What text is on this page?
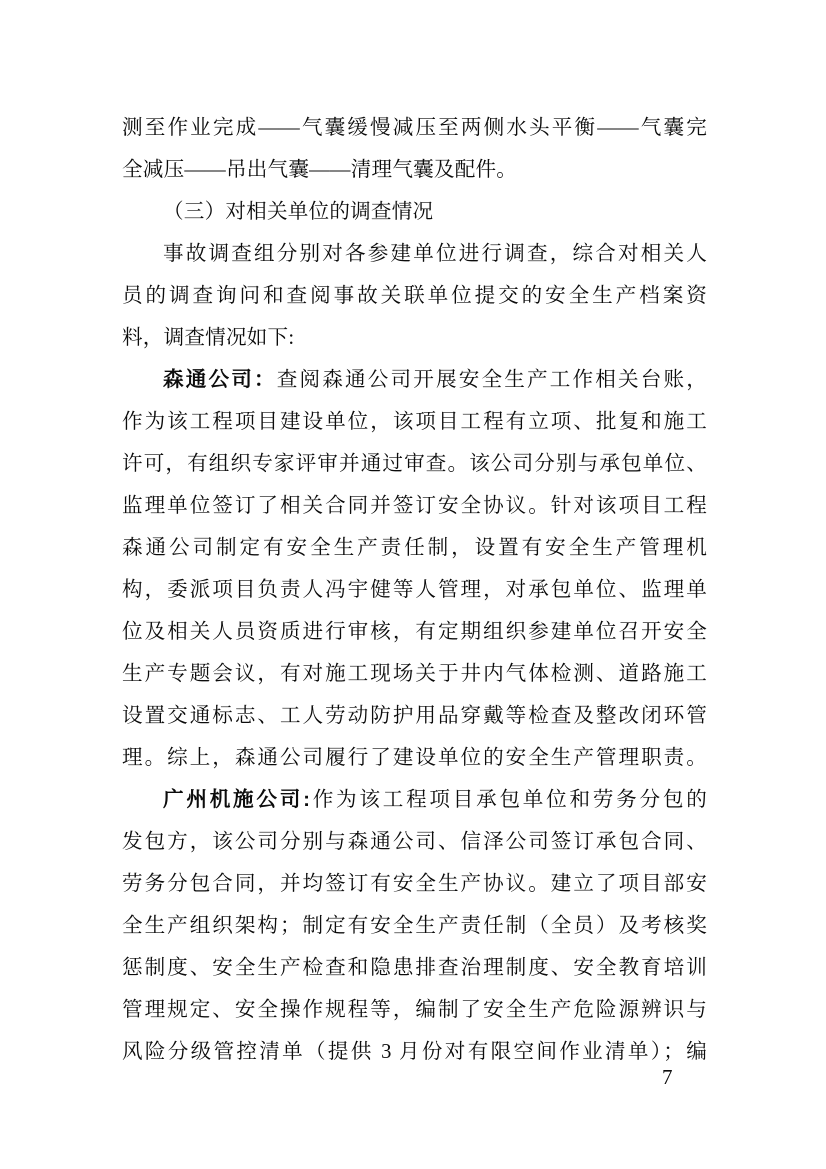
测至作业完成——气囊缓慢减压至两侧水头平衡——气囊完
全减压——吊出气囊——清理气囊及配件。
（三）对相关单位的调查情况
事故调查组分别对各参建单位进行调查，综合对相关人
员的调查询问和查阅事故关联单位提交的安全生产档案资
料，调查情况如下:
森通公司：查阅森通公司开展安全生产工作相关台账，
作为该工程项目建设单位，该项目工程有立项、批复和施工
许可，有组织专家评审并通过审查。该公司分别与承包单位、
监理单位签订了相关合同并签订安全协议。针对该项目工程
森通公司制定有安全生产责任制，设置有安全生产管理机
构，委派项目负责人冯宇健等人管理，对承包单位、监理单
位及相关人员资质进行审核，有定期组织参建单位召开安全
生产专题会议，有对施工现场关于井内气体检测、道路施工
设置交通标志、工人劳动防护用品穿戴等检查及整改闭环管
理。综上，森通公司履行了建设单位的安全生产管理职责。
广州机施公司:作为该工程项目承包单位和劳务分包的
发包方，该公司分别与森通公司、信泽公司签订承包合同、
劳务分包合同，并均签订有安全生产协议。建立了项目部安
全生产组织架构；制定有安全生产责任制（全员）及考核奖
惩制度、安全生产检查和隐患排查治理制度、安全教育培训
管理规定、安全操作规程等，编制了安全生产危险源辨识与
风险分级管控清单（提供 3 月份对有限空间作业清单）；编
7
